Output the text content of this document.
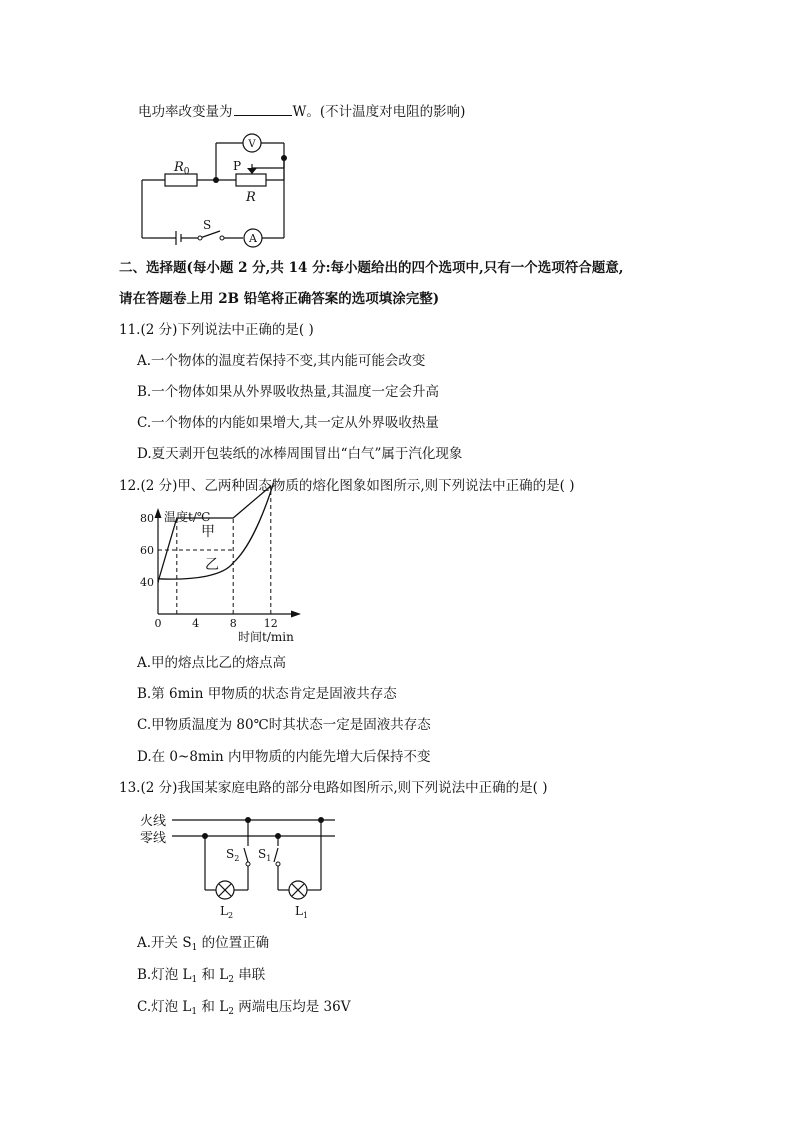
电功率改变量为	W。(不计温度对电阻的影响)
$R_0$	P
R
V
A
S
二、选择题(每小题 2 分,共 14 分:每小题给出的四个选项中,只有一个选项符合题意,
请在答题卷上用 2B 铅笔将正确答案的选项填涂完整)
11.(2 分)下列说法中正确的是( )
A.一个物体的温度若保持不变,其内能可能会改变
B.一个物体如果从外界吸收热量,其温度一定会升高
C.一个物体的内能如果增大,其一定从外界吸收热量
D.夏天剥开包装纸的冰棒周围冒出“白气”属于汽化现象
12.(2 分)甲、乙两种固态物质的熔化图象如图所示,则下列说法中正确的是( )
0	4	8 12
40
60
80 温度t/℃
时间t/min
甲
乙
A.甲的熔点比乙的熔点高
B.第 6min 甲物质的状态肯定是固液共存态
C.甲物质温度为 80℃时其状态一定是固液共存态
D.在 0~8min 内甲物质的内能先增大后保持不变
13.(2 分)我国某家庭电路的部分电路如图所示,则下列说法中正确的是( )
火线
零线
$S_2$ $S_1$
$L_2$	$L_1$
A.开关 $S_1$ 的位置正确
B.灯泡 $L_1$ 和 $L_2$ 串联
C.灯泡 $L_1$ 和 $L_2$ 两端电压均是 36V
